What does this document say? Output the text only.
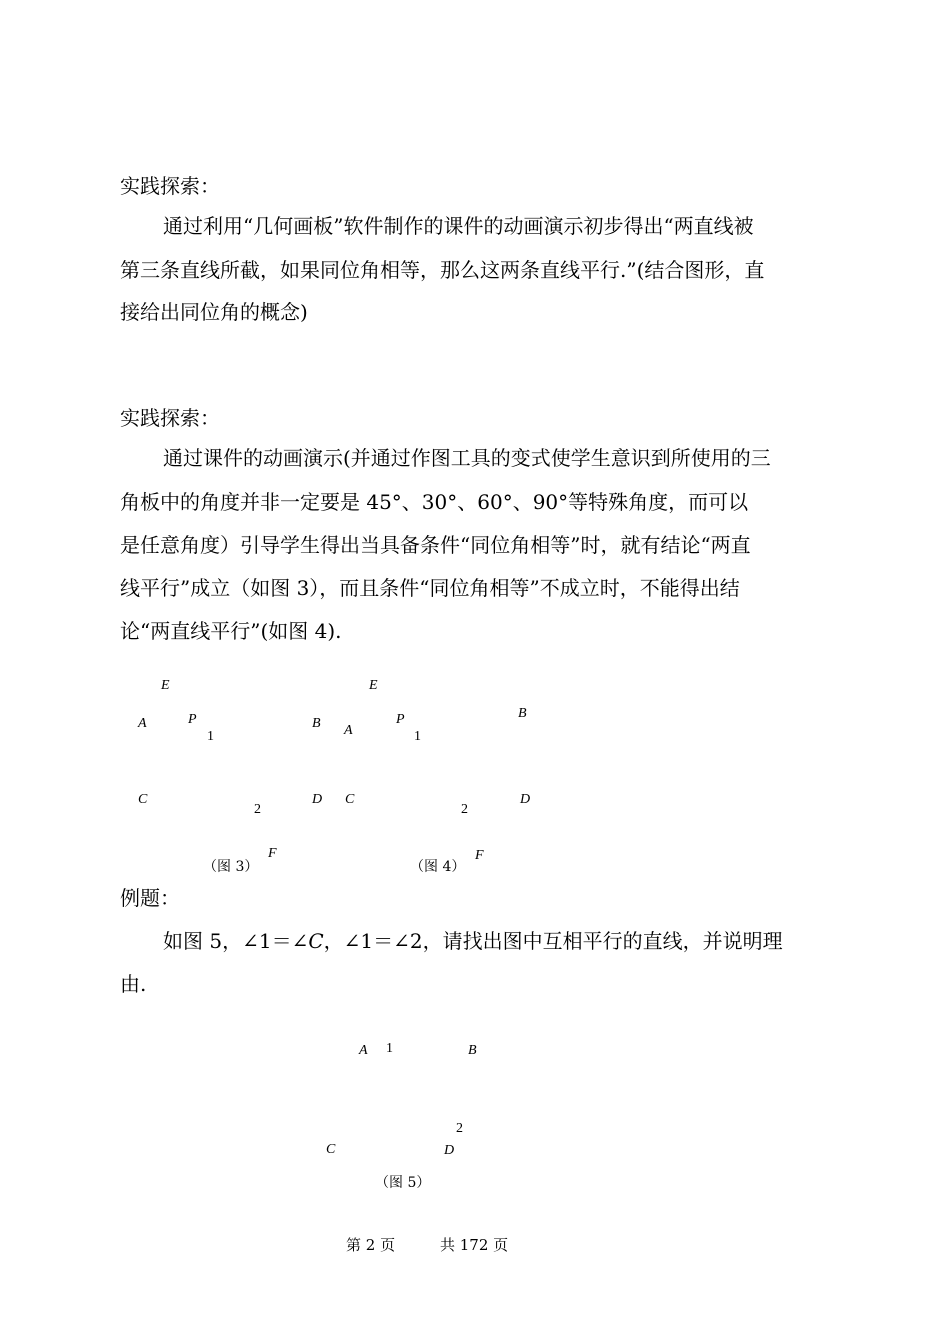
实践探索：
通过利用“几何画板”软件制作的课件的动画演示初步得出“两直线被
第三条直线所截，如果同位角相等，那么这两条直线平行.”(结合图形，直
接给出同位角的概念)
实践探索：
通过课件的动画演示(并通过作图工具的变式使学生意识到所使用的三
角板中的角度并非一定要是 45°、30°、60°、90°等特殊角度，而可以
是任意角度）引导学生得出当具备条件“同位角相等”时，就有结论“两直
线平行”成立（如图 3），而且条件“同位角相等”不成立时，不能得出结
论“两直线平行”(如图 4).
E
A	P
1
B
C
2
D
F
（图 3）
E
A
P
1
B
C
2
D
F
（图 4）
例题：
如图 5，∠1＝∠C，∠1＝∠2，请找出图中互相平行的直线，并说明理
由.
A 1	B
2
C	D
（图 5）
第 2 页	共 172 页
